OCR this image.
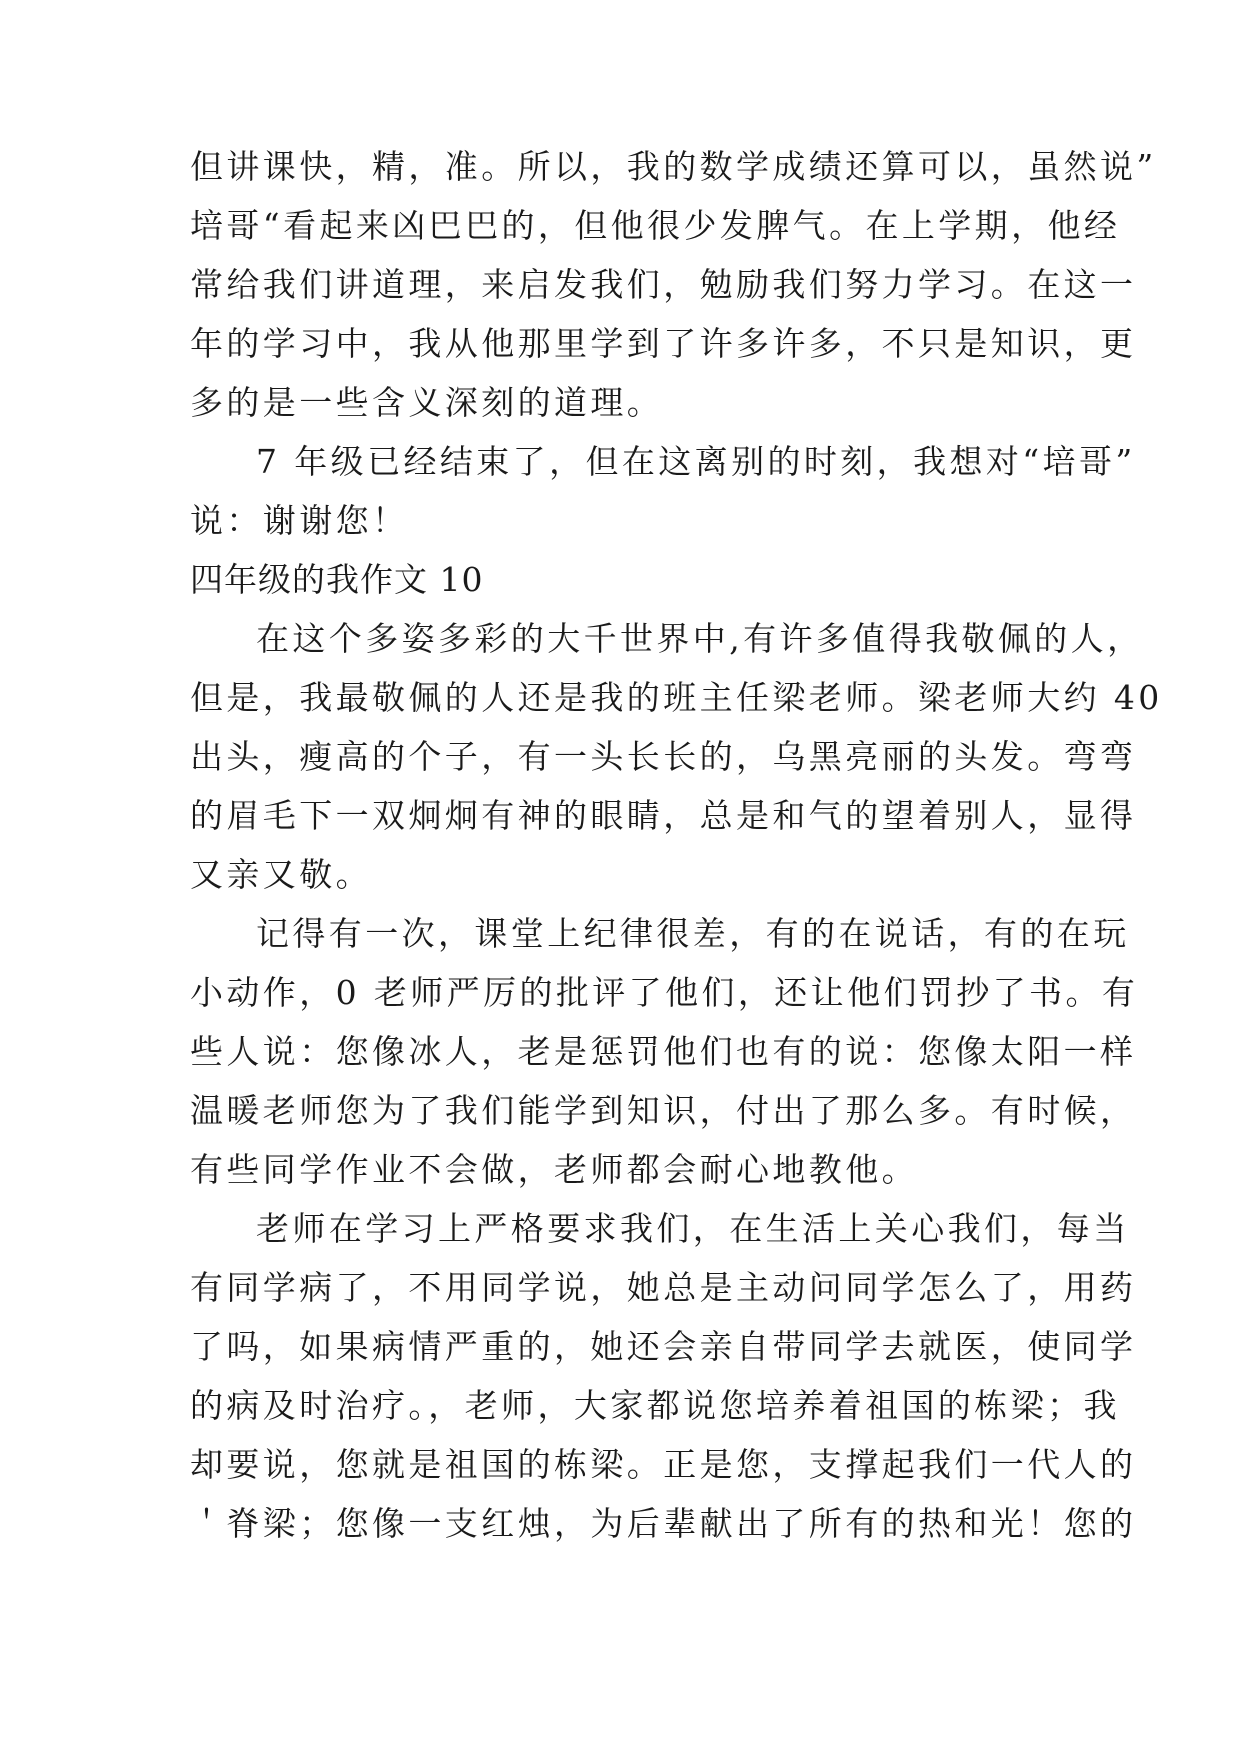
但讲课快，精，准。所以，我的数学成绩还算可以，虽然说”
培哥“看起来凶巴巴的，但他很少发脾气。在上学期，他经
常给我们讲道理，来启发我们，勉励我们努力学习。在这一
年的学习中，我从他那里学到了许多许多，不只是知识，更
多的是一些含义深刻的道理。
7 年级已经结束了，但在这离别的时刻，我想对“培哥”
说：谢谢您！
四年级的我作文 10
在这个多姿多彩的大千世界中,有许多值得我敬佩的人，
但是，我最敬佩的人还是我的班主任梁老师。梁老师大约 40
出头，瘦高的个子，有一头长长的，乌黑亮丽的头发。弯弯
的眉毛下一双炯炯有神的眼睛，总是和气的望着别人，显得
又亲又敬。
记得有一次，课堂上纪律很差，有的在说话，有的在玩
小动作，0 老师严厉的批评了他们，还让他们罚抄了书。有
些人说：您像冰人，老是惩罚他们也有的说：您像太阳一样
温暖老师您为了我们能学到知识，付出了那么多。有时候，
有些同学作业不会做，老师都会耐心地教他。
老师在学习上严格要求我们，在生活上关心我们，每当
有同学病了，不用同学说，她总是主动问同学怎么了，用药
了吗，如果病情严重的，她还会亲自带同学去就医，使同学
的病及时治疗。，老师，大家都说您培养着祖国的栋梁；我
却要说，您就是祖国的栋梁。正是您，支撑起我们一代人的
＇脊梁；您像一支红烛，为后辈献出了所有的热和光！您的
